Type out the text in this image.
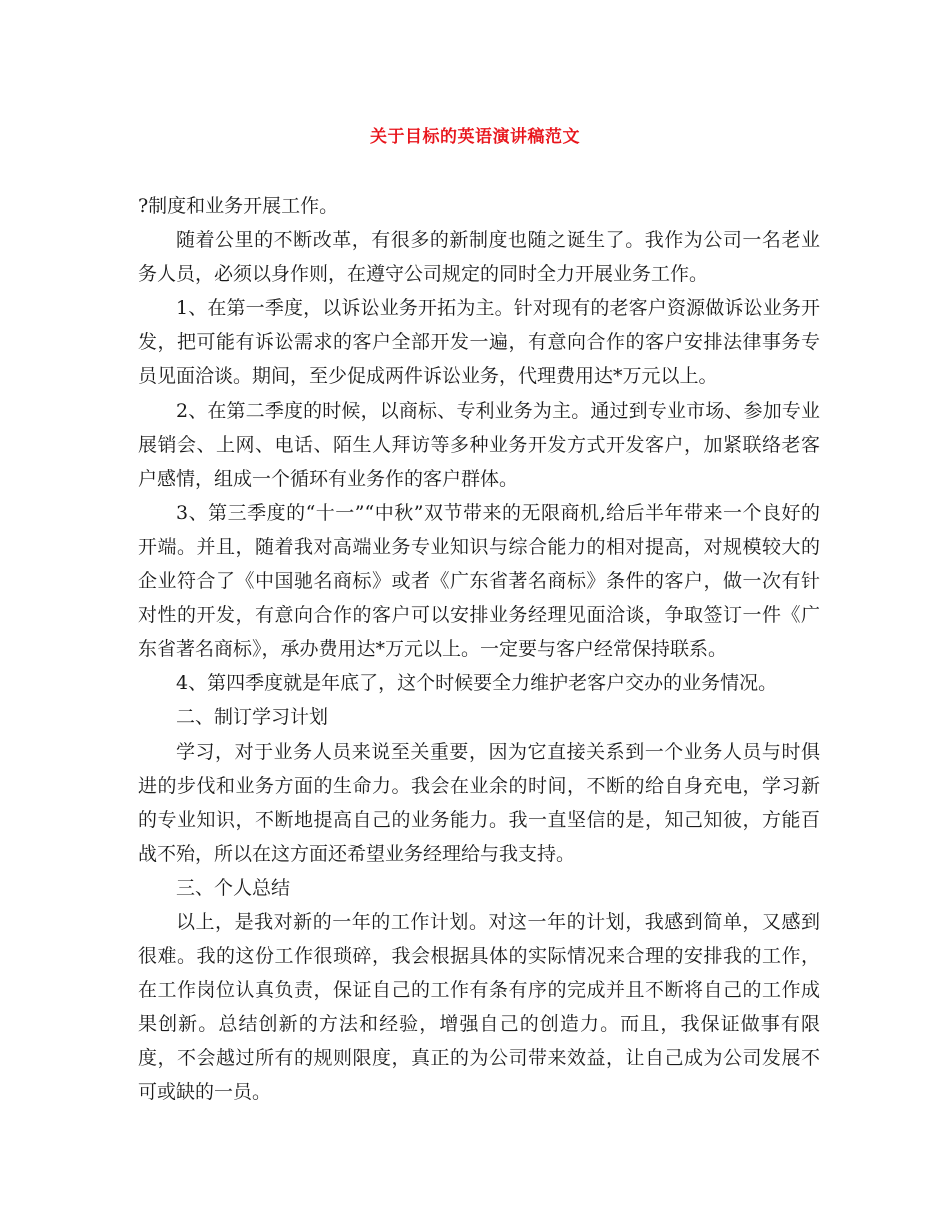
关于目标的英语演讲稿范文

?制度和业务开展工作。

随着公里的不断改革，有很多的新制度也随之诞生了。我作为公司一名老业务人员，必须以身作则，在遵守公司规定的同时全力开展业务工作。

1、在第一季度，以诉讼业务开拓为主。针对现有的老客户资源做诉讼业务开发，把可能有诉讼需求的客户全部开发一遍，有意向合作的客户安排法律事务专员见面洽谈。期间，至少促成两件诉讼业务，代理费用达*万元以上。

2、在第二季度的时候，以商标、专利业务为主。通过到专业市场、参加专业展销会、上网、电话、陌生人拜访等多种业务开发方式开发客户，加紧联络老客户感情，组成一个循环有业务作的客户群体。

3、第三季度的“十一”“中秋”双节带来的无限商机,给后半年带来一个良好的开端。并且，随着我对高端业务专业知识与综合能力的相对提高，对规模较大的企业符合了《中国驰名商标》或者《广东省著名商标》条件的客户，做一次有针对性的开发，有意向合作的客户可以安排业务经理见面洽谈，争取签订一件《广东省著名商标》，承办费用达*万元以上。一定要与客户经常保持联系。

4、第四季度就是年底了，这个时候要全力维护老客户交办的业务情况。

二、制订学习计划

学习，对于业务人员来说至关重要，因为它直接关系到一个业务人员与时俱进的步伐和业务方面的生命力。我会在业余的时间，不断的给自身充电，学习新的专业知识，不断地提高自己的业务能力。我一直坚信的是，知己知彼，方能百战不殆，所以在这方面还希望业务经理给与我支持。

三、个人总结

以上，是我对新的一年的工作计划。对这一年的计划，我感到简单，又感到很难。我的这份工作很琐碎，我会根据具体的实际情况来合理的安排我的工作，在工作岗位认真负责，保证自己的工作有条有序的完成并且不断将自己的工作成果创新。总结创新的方法和经验，增强自己的创造力。而且，我保证做事有限度，不会越过所有的规则限度，真正的为公司带来效益，让自己成为公司发展不可或缺的一员。
